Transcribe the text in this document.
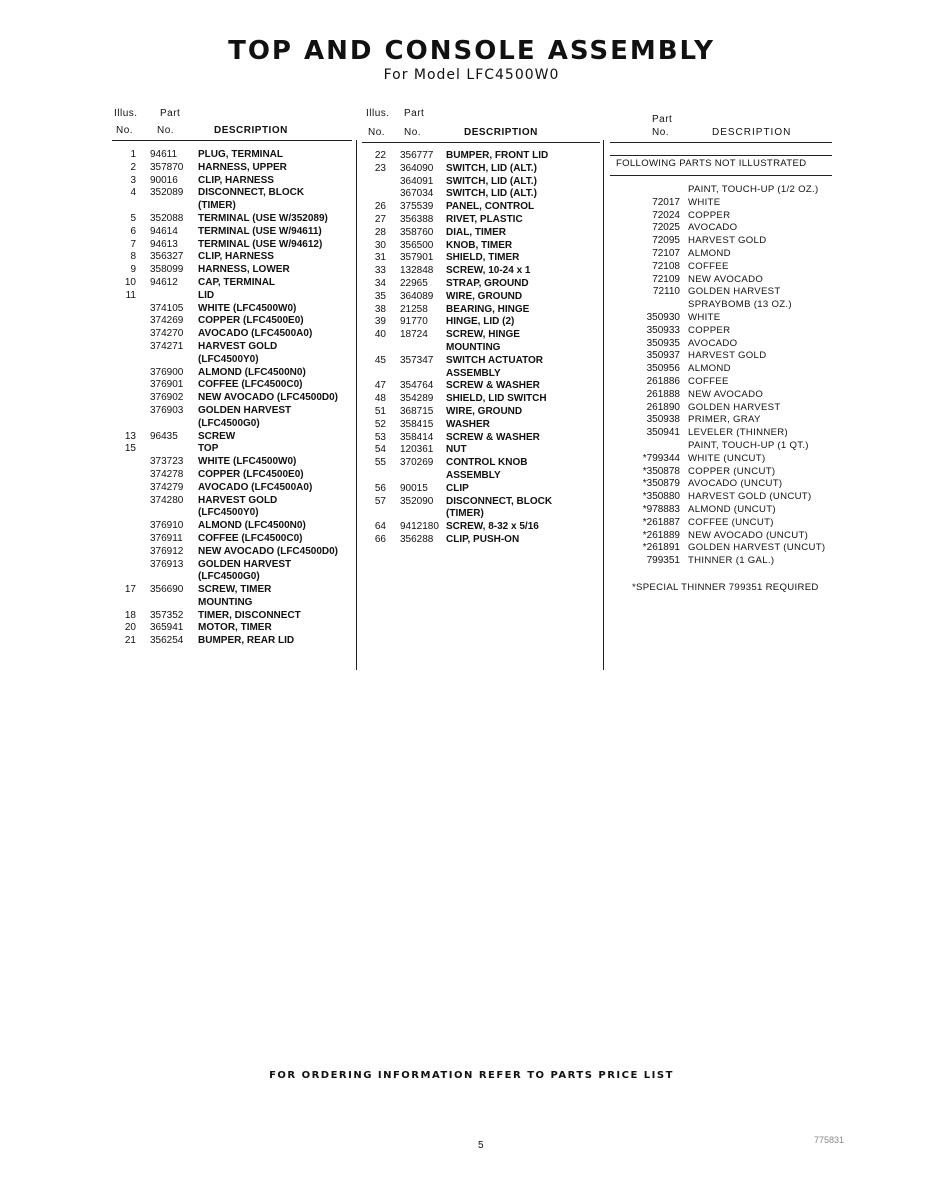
TOP AND CONSOLE ASSEMBLY
For Model LFC4500W0
Illus. Part
No. No.	DESCRIPTION
Illus. Part
No. No.	DESCRIPTION
Part
No.	DESCRIPTION
1 94611 PLUG, TERMINAL
2 357870 HARNESS, UPPER
3 90016 CLIP, HARNESS
4 352089 DISCONNECT, BLOCK
(TIMER)
5 352088 TERMINAL (USE W/352089)
6 94614 TERMINAL (USE W/94611)
7 94613 TERMINAL (USE W/94612)
8 356327 CLIP, HARNESS
9 358099 HARNESS, LOWER
10 94612 CAP, TERMINAL
11	LID
374105 WHITE (LFC4500W0)
374269 COPPER (LFC4500E0)
374270 AVOCADO (LFC4500A0)
374271 HARVEST GOLD
(LFC4500Y0)
376900 ALMOND (LFC4500N0)
376901 COFFEE (LFC4500C0)
376902 NEW AVOCADO (LFC4500D0)
376903 GOLDEN HARVEST
(LFC4500G0)
13 96435 SCREW
15	TOP
373723 WHITE (LFC4500W0)
374278 COPPER (LFC4500E0)
374279 AVOCADO (LFC4500A0)
374280 HARVEST GOLD
(LFC4500Y0)
376910 ALMOND (LFC4500N0)
376911 COFFEE (LFC4500C0)
376912 NEW AVOCADO (LFC4500D0)
376913 GOLDEN HARVEST
(LFC4500G0)
17 356690 SCREW, TIMER
MOUNTING
18 357352 TIMER, DISCONNECT
20 365941 MOTOR, TIMER
21 356254 BUMPER, REAR LID
22 356777 BUMPER, FRONT LID
23 364090 SWITCH, LID (ALT.)
364091 SWITCH, LID (ALT.)
367034 SWITCH, LID (ALT.)
26 375539 PANEL, CONTROL
27 356388 RIVET, PLASTIC
28 358760 DIAL, TIMER
30 356500 KNOB, TIMER
31 357901 SHIELD, TIMER
33 132848 SCREW, 10-24 x 1
34 22965 STRAP, GROUND
35 364089 WIRE, GROUND
38 21258 BEARING, HINGE
39 91770 HINGE, LID (2)
40 18724 SCREW, HINGE
MOUNTING
45 357347 SWITCH ACTUATOR
ASSEMBLY
47 354764 SCREW & WASHER
48 354289 SHIELD, LID SWITCH
51 368715 WIRE, GROUND
52 358415 WASHER
53 358414 SCREW & WASHER
54 120361 NUT
55 370269 CONTROL KNOB
ASSEMBLY
56 90015 CLIP
57 352090 DISCONNECT, BLOCK
(TIMER)
64 9412180 SCREW, 8-32 x 5/16
66 356288 CLIP, PUSH-ON
FOLLOWING PARTS NOT ILLUSTRATED
PAINT, TOUCH-UP (1/2 OZ.)
72017 WHITE
72024 COPPER
72025 AVOCADO
72095 HARVEST GOLD
72107 ALMOND
72108 COFFEE
72109 NEW AVOCADO
72110 GOLDEN HARVEST
SPRAYBOMB (13 OZ.)
350930 WHITE
350933 COPPER
350935 AVOCADO
350937 HARVEST GOLD
350956 ALMOND
261886 COFFEE
261888 NEW AVOCADO
261890 GOLDEN HARVEST
350938 PRIMER, GRAY
350941 LEVELER (THINNER)
PAINT, TOUCH-UP (1 QT.)
*799344 WHITE (UNCUT)
*350878 COPPER (UNCUT)
*350879 AVOCADO (UNCUT)
*350880 HARVEST GOLD (UNCUT)
*978883 ALMOND (UNCUT)
*261887 COFFEE (UNCUT)
*261889 NEW AVOCADO (UNCUT)
*261891 GOLDEN HARVEST (UNCUT)
799351 THINNER (1 GAL.)
*SPECIAL THINNER 799351 REQUIRED
FOR ORDERING INFORMATION REFER TO PARTS PRICE LIST
5	775831
